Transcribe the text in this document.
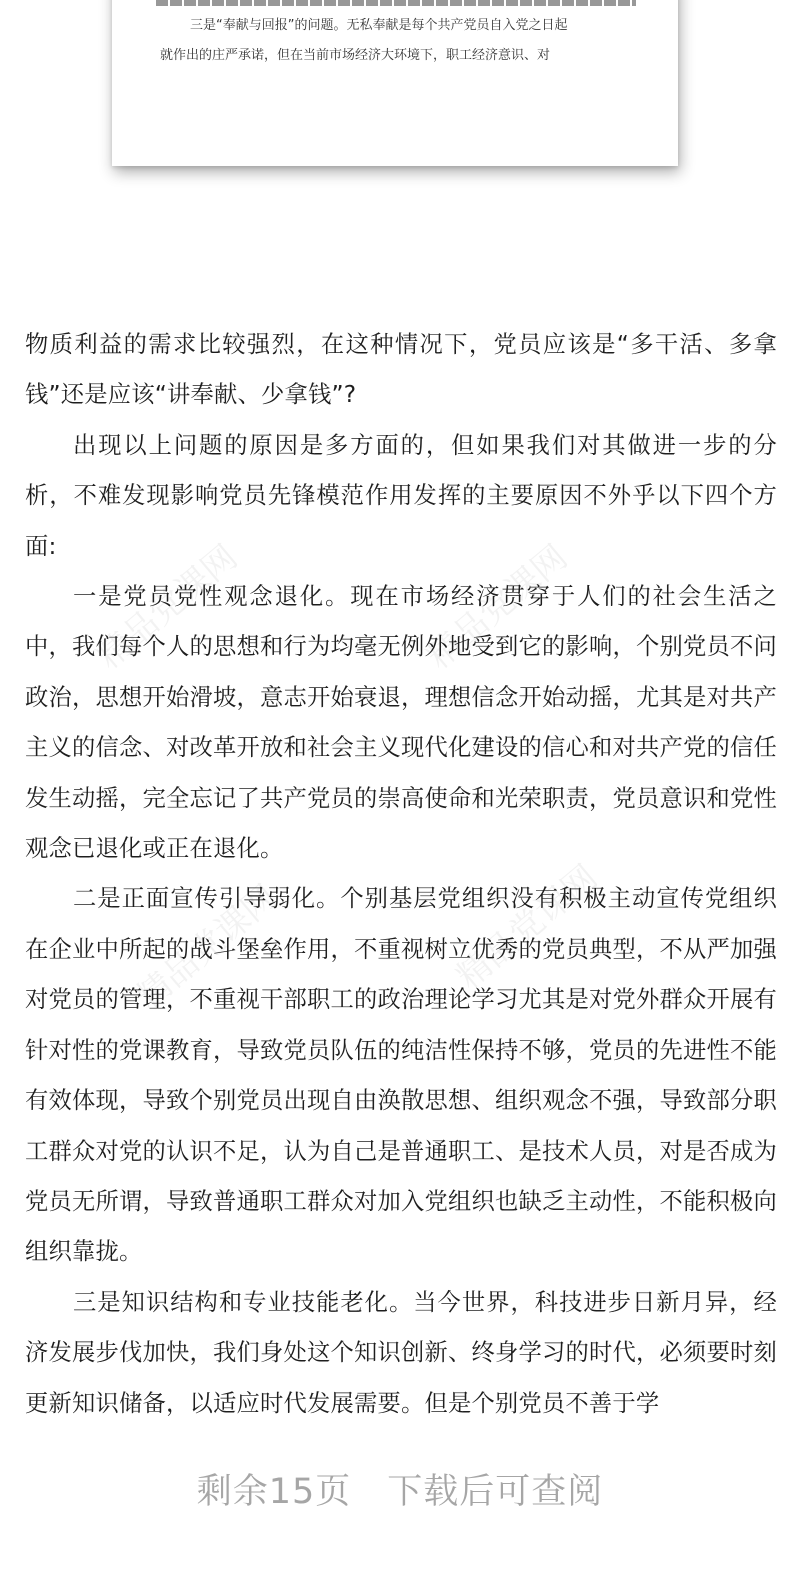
三是“奉献与回报”的问题。无私奉献是每个共产党员自入党之日起

就作出的庄严承诺，但在当前市场经济大环境下，职工经济意识、对

精品党课网	精品党课网
精品党课网	精品党课网

物质利益的需求比较强烈，在这种情况下，党员应该是“多干活、多拿钱”还是应该“讲奉献、少拿钱”?

出现以上问题的原因是多方面的，但如果我们对其做进一步的分析，不难发现影响党员先锋模范作用发挥的主要原因不外乎以下四个方面:

一是党员党性观念退化。现在市场经济贯穿于人们的社会生活之中，我们每个人的思想和行为均毫无例外地受到它的影响，个别党员不问政治，思想开始滑坡，意志开始衰退，理想信念开始动摇，尤其是对共产主义的信念、对改革开放和社会主义现代化建设的信心和对共产党的信任发生动摇，完全忘记了共产党员的崇高使命和光荣职责，党员意识和党性观念已退化或正在退化。

二是正面宣传引导弱化。个别基层党组织没有积极主动宣传党组织在企业中所起的战斗堡垒作用，不重视树立优秀的党员典型，不从严加强对党员的管理，不重视干部职工的政治理论学习尤其是对党外群众开展有针对性的党课教育，导致党员队伍的纯洁性保持不够，党员的先进性不能有效体现，导致个别党员出现自由涣散思想、组织观念不强，导致部分职工群众对党的认识不足，认为自己是普通职工、是技术人员，对是否成为党员无所谓，导致普通职工群众对加入党组织也缺乏主动性，不能积极向组织靠拢。

三是知识结构和专业技能老化。当今世界，科技进步日新月异，经济发展步伐加快，我们身处这个知识创新、终身学习的时代，必须要时刻更新知识储备，以适应时代发展需要。但是个别党员不善于学

剩余15页　下载后可查阅
